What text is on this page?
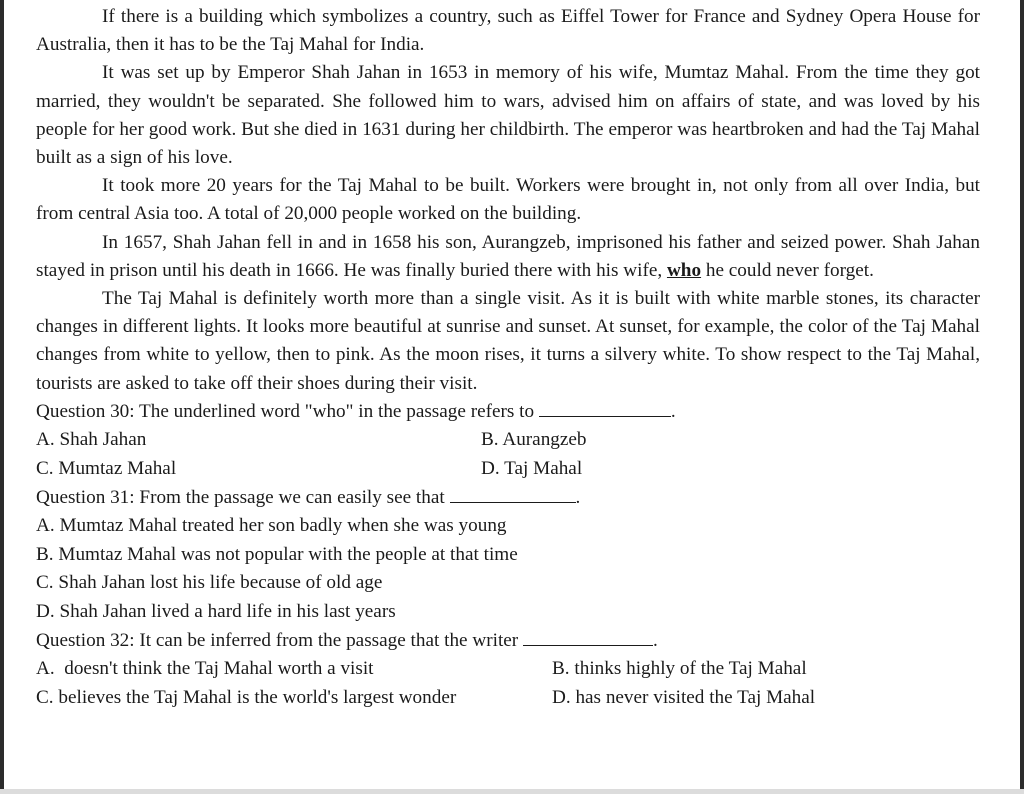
If there is a building which symbolizes a country, such as Eiffel Tower for France and Sydney Opera House for Australia, then it has to be the Taj Mahal for India.

It was set up by Emperor Shah Jahan in 1653 in memory of his wife, Mumtaz Mahal. From the time they got married, they wouldn't be separated. She followed him to wars, advised him on affairs of state, and was loved by his people for her good work. But she died in 1631 during her childbirth. The emperor was heartbroken and had the Taj Mahal built as a sign of his love.

It took more 20 years for the Taj Mahal to be built. Workers were brought in, not only from all over India, but from central Asia too. A total of 20,000 people worked on the building.

In 1657, Shah Jahan fell in and in 1658 his son, Aurangzeb, imprisoned his father and seized power. Shah Jahan stayed in prison until his death in 1666. He was finally buried there with his wife, who he could never forget.

The Taj Mahal is definitely worth more than a single visit. As it is built with white marble stones, its character changes in different lights. It looks more beautiful at sunrise and sunset. At sunset, for example, the color of the Taj Mahal changes from white to yellow, then to pink. As the moon rises, it turns a silvery white. To show respect to the Taj Mahal, tourists are asked to take off their shoes during their visit.

Question 30: The underlined word "who" in the passage refers to	.
A. Shah Jahan	B. Aurangzeb
C. Mumtaz Mahal	D. Taj Mahal
Question 31: From the passage we can easily see that	.
A. Mumtaz Mahal treated her son badly when she was young
B. Mumtaz Mahal was not popular with the people at that time
C. Shah Jahan lost his life because of old age
D. Shah Jahan lived a hard life in his last years
Question 32: It can be inferred from the passage that the writer	.
A.  doesn't think the Taj Mahal worth a visit	B. thinks highly of the Taj Mahal
C. believes the Taj Mahal is the world's largest wonder	D. has never visited the Taj Mahal
